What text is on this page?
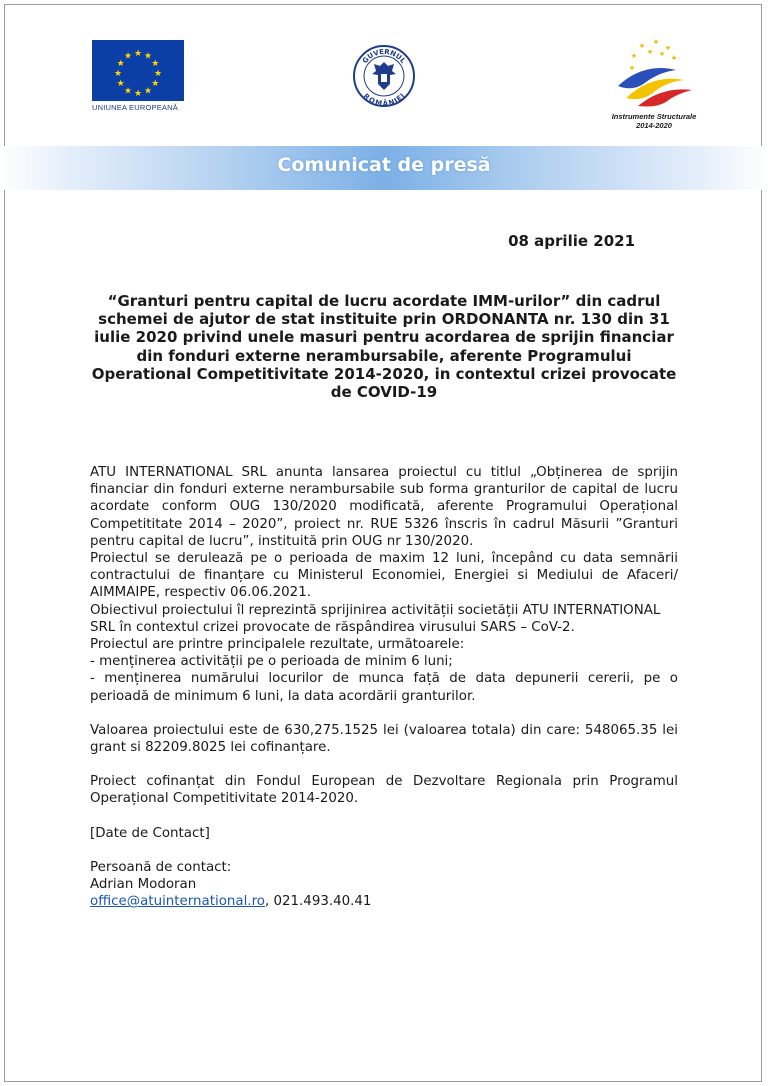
★ ★
★
★
★
★
★
★
★
★
★
★
UNIUNEA EUROPEANĂ
GUVERNUL
ROMÂNIEI
★ ★
★
★	★
★
★ ★
Instrumente Structurale
2014-2020
Comunicat de presă
08 aprilie 2021
“Granturi pentru capital de lucru acordate IMM-urilor” din cadrul schemei de ajutor de stat instituite prin ORDONANTA nr. 130 din 31 iulie 2020 privind unele masuri pentru acordarea de sprijin financiar din fonduri externe nerambursabile, aferente Programului Operational Competitivitate 2014-2020, in contextul crizei provocate de COVID-19

ATU INTERNATIONAL SRL anunta lansarea proiectul cu titlul „Obținerea de sprijin financiar din fonduri externe nerambursabile sub forma granturilor de capital de lucru acordate conform OUG 130/2020 modificată, aferente Programului Operațional Competititate 2014 – 2020”, proiect nr. RUE 5326 înscris în cadrul Măsurii ”Granturi pentru capital de lucru”, instituită prin OUG nr 130/2020.

Proiectul se derulează pe o perioada de maxim 12 luni, începând cu data semnării contractului de finanțare cu Ministerul Economiei, Energiei si Mediului de Afaceri/ AIMMAIPE, respectiv 06.06.2021.

Obiectivul proiectului îl reprezintă sprijinirea activității societății ATU INTERNATIONAL SRL în contextul crizei provocate de răspândirea virusului SARS – CoV-2.

Proiectul are printre principalele rezultate, următoarele:

- menținerea activității pe o perioada de minim 6 luni;

- menținerea numărului locurilor de munca față de data depunerii cererii, pe o perioadă de minimum 6 luni, la data acordării granturilor.

Valoarea proiectului este de 630,275.1525 lei (valoarea totala) din care: 548065.35 lei grant si 82209.8025 lei cofinanțare.

Proiect cofinanțat din Fondul European de Dezvoltare Regionala prin Programul Operațional Competitivitate 2014-2020.

[Date de Contact]

Persoană de contact:

Adrian Modoran

office@atuinternational.ro, 021.493.40.41
